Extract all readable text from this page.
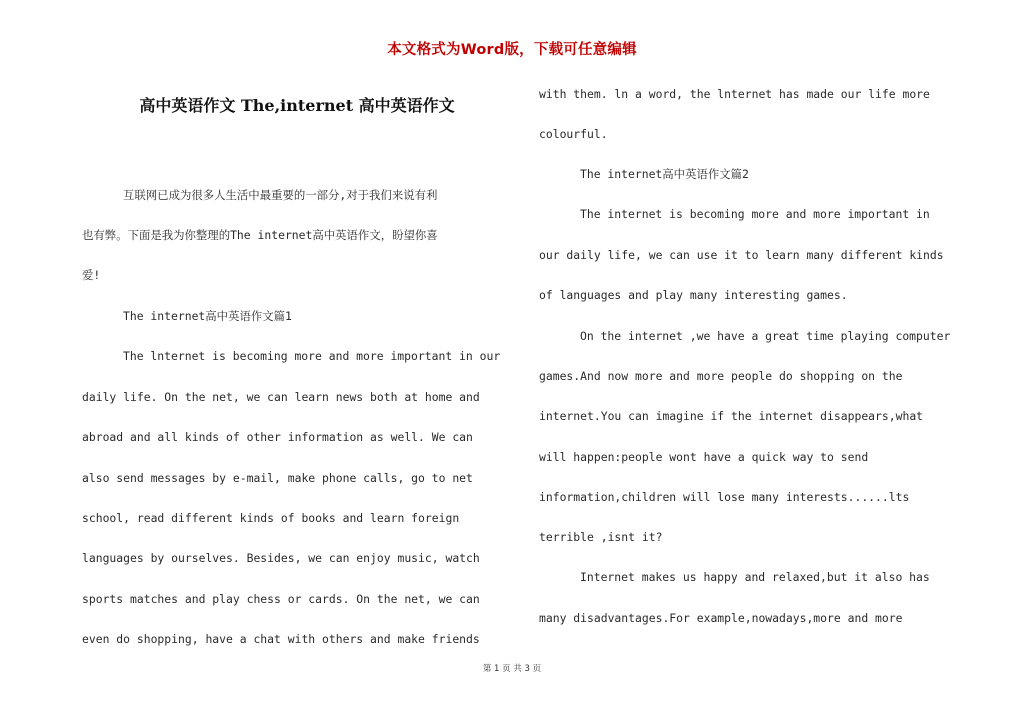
本文格式为Word版，下载可任意编辑
高中英语作文 The,internet 高中英语作文
互联网已成为很多人生活中最重要的一部分,对于我们来说有利
也有弊。下面是我为你整理的The internet高中英语作文，盼望你喜
爱!
The internet高中英语作文篇1
The lnternet is becoming more and more important in our
daily life. On the net, we can learn news both at home and
abroad and all kinds of other information as well. We can
also send messages by e-mail, make phone calls, go to net
school, read different kinds of books and learn foreign
languages by ourselves. Besides, we can enjoy music, watch
sports matches and play chess or cards. On the net, we can
even do shopping, have a chat with others and make friends
with them. ln a word, the lnternet has made our life more
colourful.
The internet高中英语作文篇2
The internet is becoming more and more important in
our daily life, we can use it to learn many different kinds
of languages and play many interesting games.
On the internet ,we have a great time playing computer
games.And now more and more people do shopping on the
internet.You can imagine if the internet disappears,what
will happen:people wont have a quick way to send
information,children will lose many interests......lts
terrible ,isnt it?
Internet makes us happy and relaxed,but it also has
many disadvantages.For example,nowadays,more and more
第 1 页 共 3 页
